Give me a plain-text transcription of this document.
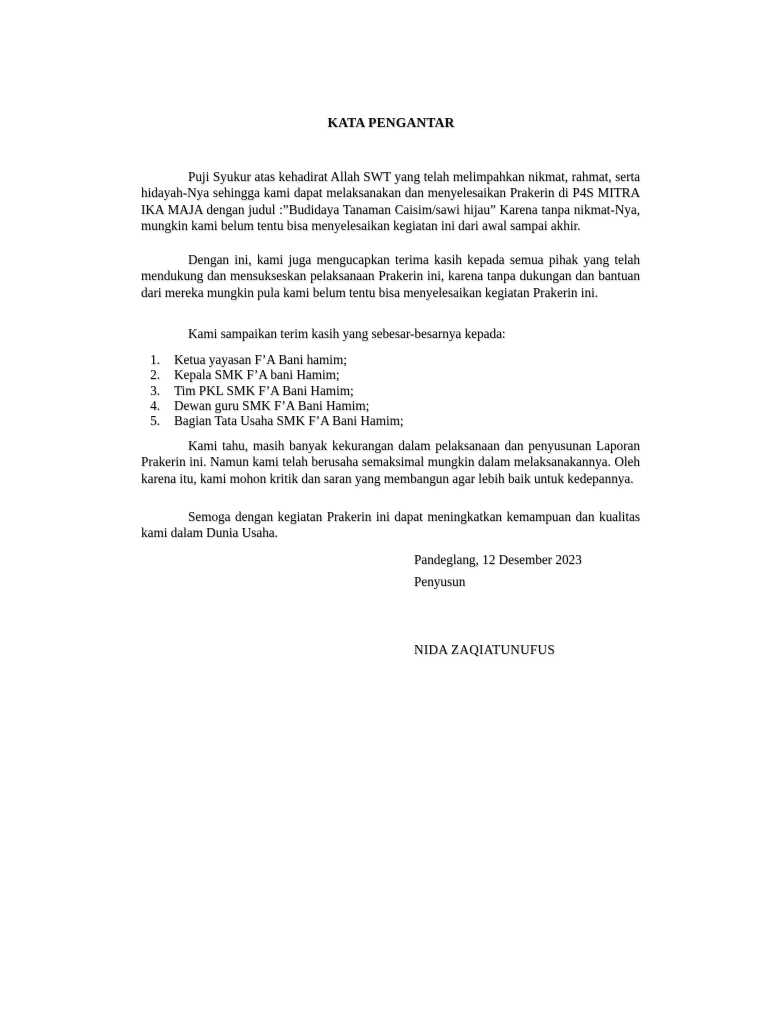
KATA PENGANTAR

Puji Syukur atas kehadirat Allah SWT yang telah melimpahkan nikmat, rahmat, serta hidayah-Nya sehingga kami dapat melaksanakan dan menyelesaikan Prakerin di P4S MITRA IKA MAJA dengan judul :”Budidaya Tanaman Caisim/sawi hijau” Karena tanpa nikmat-Nya, mungkin kami belum tentu bisa menyelesaikan kegiatan ini dari awal sampai akhir.

Dengan ini, kami juga mengucapkan terima kasih kepada semua pihak yang telah mendukung dan mensukseskan pelaksanaan Prakerin ini, karena tanpa dukungan dan bantuan dari mereka mungkin pula kami belum tentu bisa menyelesaikan kegiatan Prakerin ini.

Kami sampaikan terim kasih yang sebesar-besarnya kepada:

1. Ketua yayasan F’A Bani hamim;
2. Kepala SMK F’A bani Hamim;
3. Tim PKL SMK F’A Bani Hamim;
4. Dewan guru SMK F’A Bani Hamim;
5. Bagian Tata Usaha SMK F’A Bani Hamim;

Kami tahu, masih banyak kekurangan dalam pelaksanaan dan penyusunan Laporan Prakerin ini. Namun kami telah berusaha semaksimal mungkin dalam melaksanakannya. Oleh karena itu, kami mohon kritik dan saran yang membangun agar lebih baik untuk kedepannya.

Semoga dengan kegiatan Prakerin ini dapat meningkatkan kemampuan dan kualitas kami dalam Dunia Usaha.

Pandeglang, 12 Desember 2023
Penyusun
NIDA ZAQIATUNUFUS
